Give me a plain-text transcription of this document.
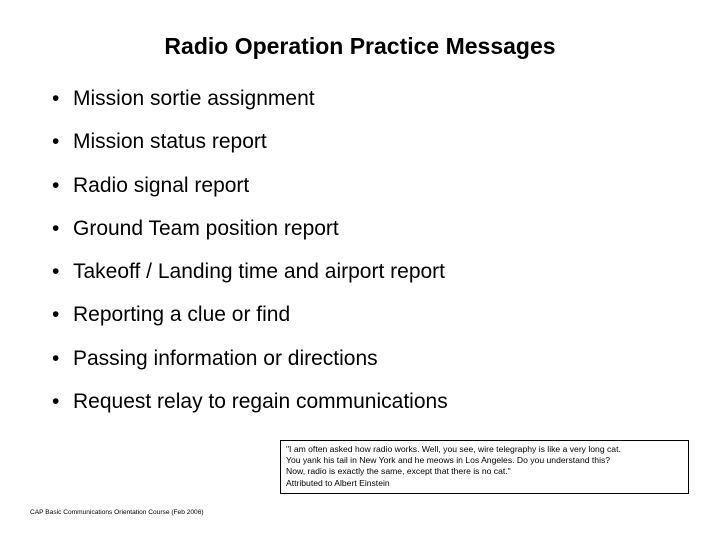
Radio Operation Practice Messages
• Mission sortie assignment
• Mission status report
• Radio signal report
• Ground Team position report
• Takeoff / Landing time and airport report
• Reporting a clue or find
• Passing information or directions
• Request relay to regain communications
"I am often asked how radio works. Well, you see, wire telegraphy is like a very long cat.
You yank his tail in New York and he meows in Los Angeles. Do you understand this?
Now, radio is exactly the same, except that there is no cat."
Attributed to Albert Einstein
CAP Basic Communications Orientation Course (Feb 2006)
